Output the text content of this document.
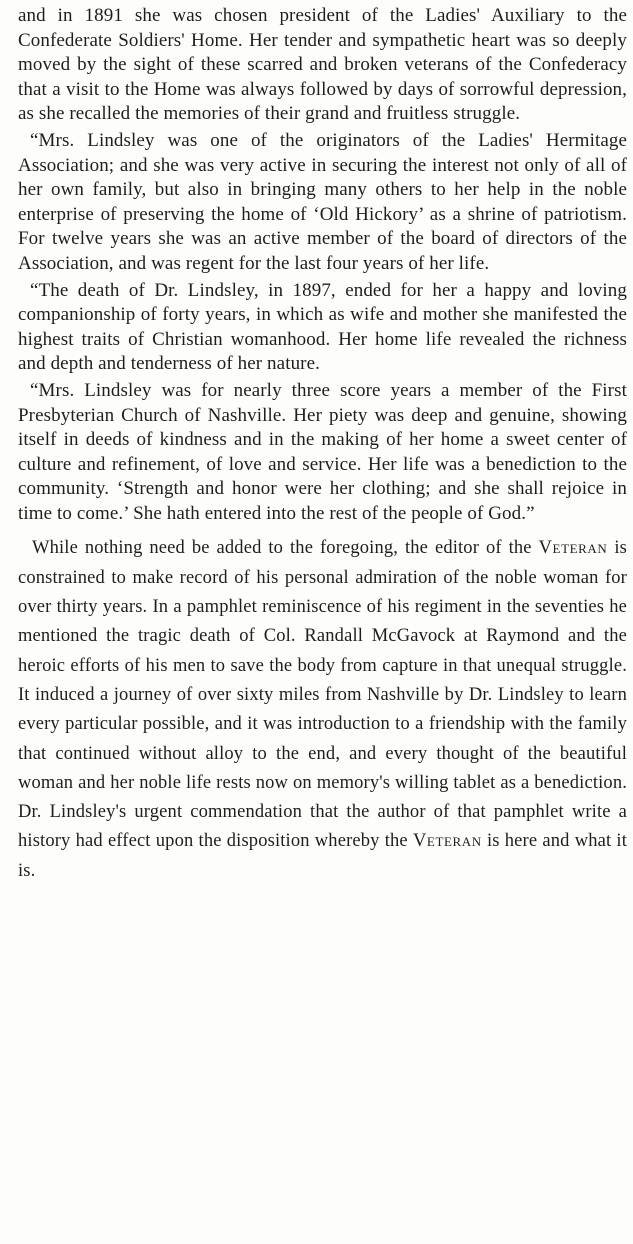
and in 1891 she was chosen president of the Ladies' Auxiliary to the Confederate Soldiers' Home. Her tender and sympathetic heart was so deeply moved by the sight of these scarred and broken veterans of the Confederacy that a visit to the Home was always followed by days of sorrowful depression, as she recalled the memories of their grand and fruitless struggle.

“Mrs. Lindsley was one of the originators of the Ladies' Hermitage Association; and she was very active in securing the interest not only of all of her own family, but also in bringing many others to her help in the noble enterprise of preserving the home of ‘Old Hickory’ as a shrine of patriotism. For twelve years she was an active member of the board of directors of the Association, and was regent for the last four years of her life.

“The death of Dr. Lindsley, in 1897, ended for her a happy and loving companionship of forty years, in which as wife and mother she manifested the highest traits of Christian womanhood. Her home life revealed the richness and depth and tenderness of her nature.

“Mrs. Lindsley was for nearly three score years a member of the First Presbyterian Church of Nashville. Her piety was deep and genuine, showing itself in deeds of kindness and in the making of her home a sweet center of culture and refinement, of love and service. Her life was a benediction to the community. ‘Strength and honor were her clothing; and she shall rejoice in time to come.’ She hath entered into the rest of the people of God.”

While nothing need be added to the foregoing, the editor of the Veteran is constrained to make record of his personal admiration of the noble woman for over thirty years. In a pamphlet reminiscence of his regiment in the seventies he mentioned the tragic death of Col. Randall McGavock at Raymond and the heroic efforts of his men to save the body from capture in that unequal struggle. It induced a journey of over sixty miles from Nashville by Dr. Lindsley to learn every particular possible, and it was introduction to a friendship with the family that continued without alloy to the end, and every thought of the beautiful woman and her noble life rests now on memory's willing tablet as a benediction. Dr. Lindsley's urgent commendation that the author of that pamphlet write a history had effect upon the disposition whereby the Veteran is here and what it is.
